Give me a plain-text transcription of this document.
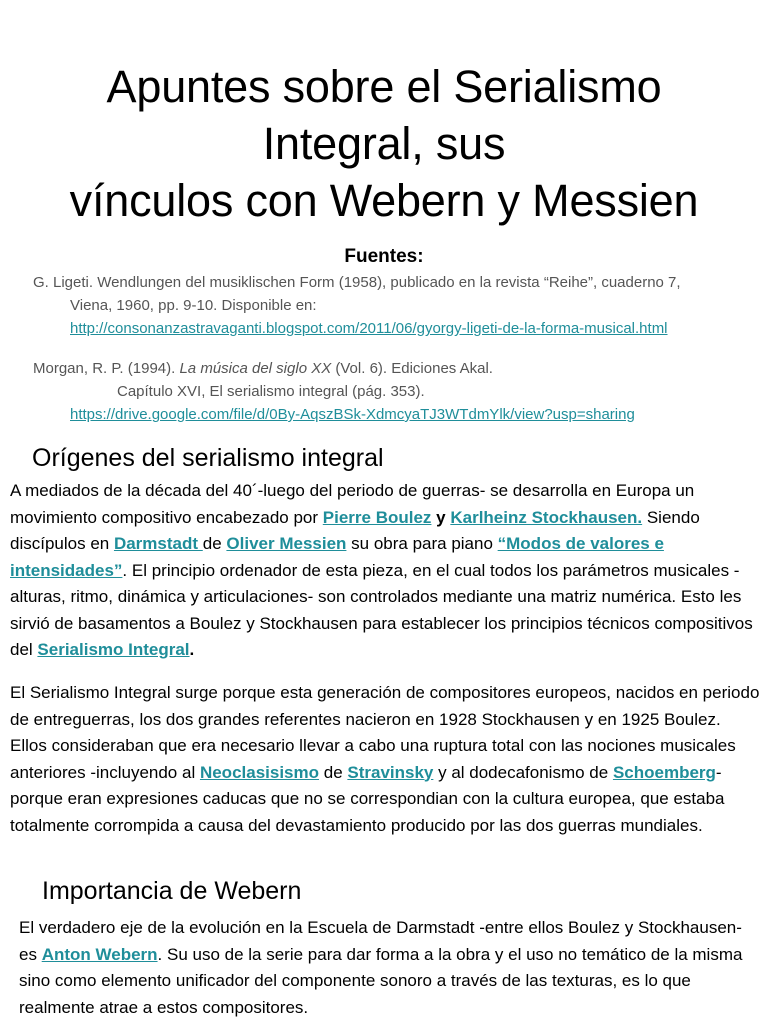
Apuntes sobre el Serialismo
Integral, sus
vínculos con Webern y Messien
Fuentes:
G. Ligeti. Wendlungen del musiklischen Form (1958), publicado en la revista “Reihe”, cuaderno 7,
Viena, 1960, pp. 9-10. Disponible en:
http://consonanzastravaganti.blogspot.com/2011/06/gyorgy-ligeti-de-la-forma-musical.html
Morgan, R. P. (1994). La música del siglo XX (Vol. 6). Ediciones Akal.
Capítulo XVI, El serialismo integral (pág. 353).
https://drive.google.com/file/d/0By-AqszBSk-XdmcyaTJ3WTdmYlk/view?usp=sharing
Orígenes del serialismo integral

A mediados de la década del 40´-luego del periodo de guerras- se desarrolla en Europa un movimiento compositivo encabezado por Pierre Boulez y Karlheinz Stockhausen. Siendo discípulos en Darmstadt de Oliver Messien su obra para piano “Modos de valores e intensidades”. El principio ordenador de esta pieza, en el cual todos los parámetros musicales -alturas, ritmo, dinámica y articulaciones- son controlados mediante una matriz numérica. Esto les sirvió de basamentos a Boulez y Stockhausen para establecer los principios técnicos compositivos del Serialismo Integral.

El Serialismo Integral surge porque esta generación de compositores europeos, nacidos en periodo de entreguerras, los dos grandes referentes nacieron en 1928 Stockhausen y en 1925 Boulez. Ellos consideraban que era necesario llevar a cabo una ruptura total con las nociones musicales anteriores -incluyendo al Neoclasisismo de Stravinsky y al dodecafonismo de Schoemberg- porque eran expresiones caducas que no se correspondian con la cultura europea, que estaba totalmente corrompida a causa del devastamiento producido por las dos guerras mundiales.

Importancia de Webern

El verdadero eje de la evolución en la Escuela de Darmstadt -entre ellos Boulez y Stockhausen- es Anton Webern. Su uso de la serie para dar forma a la obra y el uso no temático de la misma sino como elemento unificador del componente sonoro a través de las texturas, es lo que realmente atrae a estos compositores.
